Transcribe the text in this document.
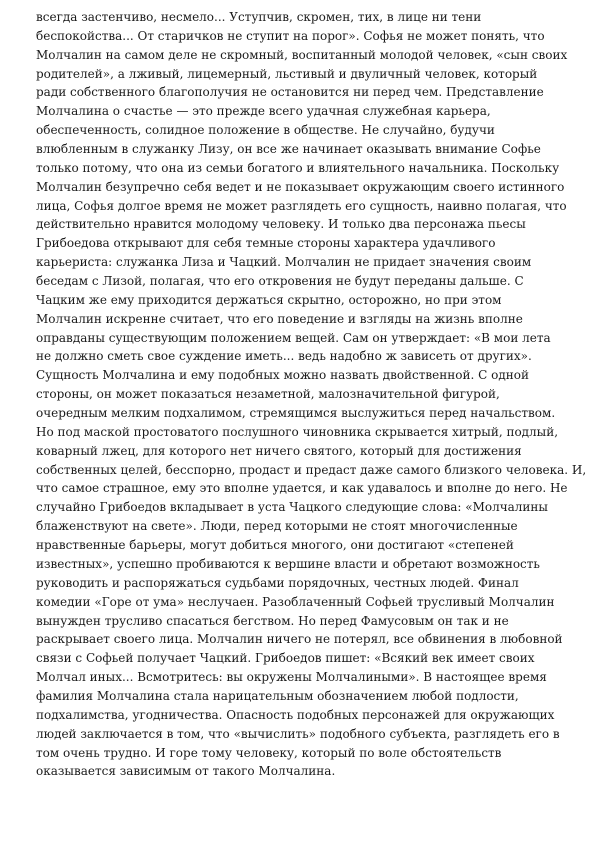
всегда застенчиво, несмело... Уступчив, скромен, тих, в лице ни тени
беспокойства... От старичков не ступит на порог». Софья не может понять, что
Молчалин на самом деле не скромный, воспитанный молодой человек, «сын своих
родителей», а лживый, лицемерный, льстивый и двуличный человек, который
ради собственного благополучия не остановится ни перед чем. Представление
Молчалина о счастье — это прежде всего удачная служебная карьера,
обеспеченность, солидное положение в обществе. Не случайно, будучи
влюбленным в служанку Лизу, он все же начинает оказывать внимание Софье
только потому, что она из семьи богатого и влиятельного начальника. Поскольку
Молчалин безупречно себя ведет и не показывает окружающим своего истинного
лица, Софья долгое время не может разглядеть его сущность, наивно полагая, что
действительно нравится молодому человеку. И только два персонажа пьесы
Грибоедова открывают для себя темные стороны характера удачливого
карьериста: служанка Лиза и Чацкий. Молчалин не придает значения своим
беседам с Лизой, полагая, что его откровения не будут переданы дальше. С
Чацким же ему приходится держаться скрытно, осторожно, но при этом
Молчалин искренне считает, что его поведение и взгляды на жизнь вполне
оправданы существующим положением вещей. Сам он утверждает: «В мои лета
не должно сметь свое суждение иметь... ведь надобно ж зависеть от других».
Сущность Молчалина и ему подобных можно назвать двойственной. С одной
стороны, он может показаться незаметной, малозначительной фигурой,
очередным мелким подхалимом, стремящимся выслужиться перед начальством.
Но под маской простоватого послушного чиновника скрывается хитрый, подлый,
коварный лжец, для которого нет ничего святого, который для достижения
собственных целей, бесспорно, продаст и предаст даже самого близкого человека. И,
что самое страшное, ему это вполне удается, и как удавалось и вполне до него. Не
случайно Грибоедов вкладывает в уста Чацкого следующие слова: «Молчалины
блаженствуют на свете». Люди, перед которыми не стоят многочисленные
нравственные барьеры, могут добиться многого, они достигают «степеней
известных», успешно пробиваются к вершине власти и обретают возможность
руководить и распоряжаться судьбами порядочных, честных людей. Финал
комедии «Горе от ума» неслучаен. Разоблаченный Софьей трусливый Молчалин
вынужден трусливо спасаться бегством. Но перед Фамусовым он так и не
раскрывает своего лица. Молчалин ничего не потерял, все обвинения в любовной
связи с Софьей получает Чацкий. Грибоедов пишет: «Всякий век имеет своих
Молчал иных... Всмотритесь: вы окружены Молчалиными». В настоящее время
фамилия Молчалина стала нарицательным обозначением любой подлости,
подхалимства, угодничества. Опасность подобных персонажей для окружающих
людей заключается в том, что «вычислить» подобного субъекта, разглядеть его в
том очень трудно. И горе тому человеку, который по воле обстоятельств
оказывается зависимым от такого Молчалина.
